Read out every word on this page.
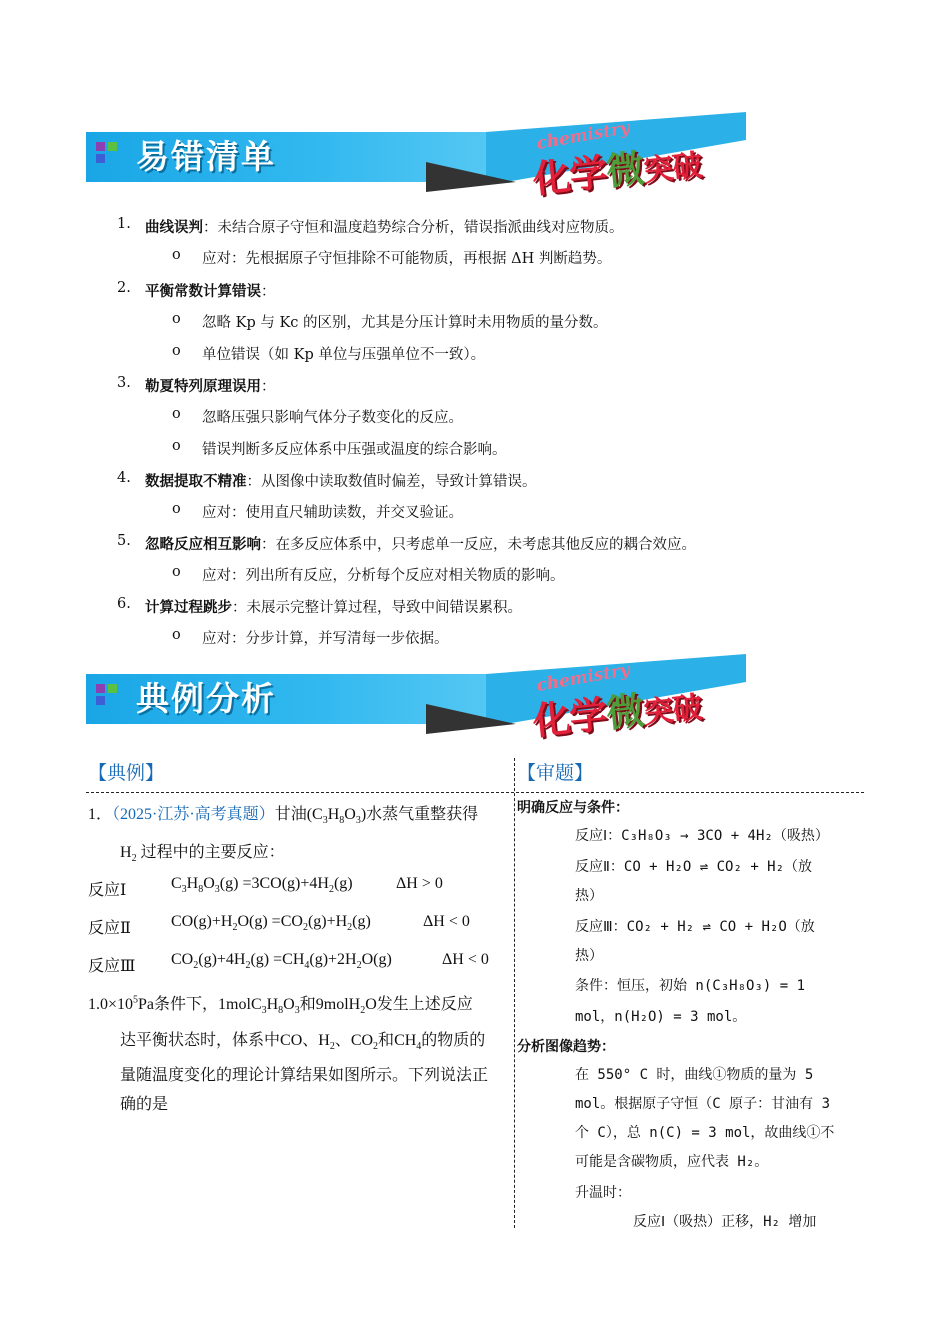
易错清单
chemistry
化学微突破
1. 曲线误判：未结合原子守恒和温度趋势综合分析，错误指派曲线对应物质。
o 应对：先根据原子守恒排除不可能物质，再根据 ΔH 判断趋势。
2. 平衡常数计算错误：
o 忽略 Kp 与 Kc 的区别，尤其是分压计算时未用物质的量分数。
o 单位错误（如 Kp 单位与压强单位不一致）。
3. 勒夏特列原理误用：
o 忽略压强只影响气体分子数变化的反应。
o 错误判断多反应体系中压强或温度的综合影响。
4. 数据提取不精准：从图像中读取数值时偏差，导致计算错误。
o 应对：使用直尺辅助读数，并交叉验证。
5. 忽略反应相互影响：在多反应体系中，只考虑单一反应，未考虑其他反应的耦合效应。
o 应对：列出所有反应，分析每个反应对相关物质的影响。
6. 计算过程跳步：未展示完整计算过程，导致中间错误累积。
o 应对：分步计算，并写清每一步依据。
典例分析
chemistry
化学微突破
【典例】	【审题】
1．（2025·江苏·高考真题）甘油$(C_3H_8O_3)$水蒸气重整获得
$H_2$ 过程中的主要反应：
反应Ⅰ	$C_3H_8O_3(g) =3CO(g)+4H_2(g)$	ΔH > 0
反应Ⅱ	$CO(g)+H_2O(g) =CO_2(g)+H_2(g)$	ΔH < 0
反应Ⅲ $CO_2(g)+4H_2(g) =CH_4(g)+2H_2O(g)$	ΔH < 0
$1.0\times 10^5Pa$条件下，$1molC_3H_8O_3$和9molH$_2$O发生上述反应
达平衡状态时，体系中CO、$H_2$、$CO_2$和$CH_4$的物质的
量随温度变化的理论计算结果如图所示。下列说法正
确的是
明确反应与条件：
反应Ⅰ：C₃H₈O₃ → 3CO + 4H₂（吸热）
反应Ⅱ：CO + H₂O ⇌ CO₂ + H₂（放
热）
反应Ⅲ：CO₂ + H₂ ⇌ CO + H₂O（放
热）
条件：恒压，初始 n(C₃H₈O₃) = 1
mol，n(H₂O) = 3 mol。
分析图像趋势：
在 550° C 时，曲线①物质的量为 5
mol。根据原子守恒（C 原子：甘油有 3
个 C），总 n(C) = 3 mol，故曲线①不
可能是含碳物质，应代表 H₂。
升温时：
反应Ⅰ（吸热）正移，H₂ 增加
